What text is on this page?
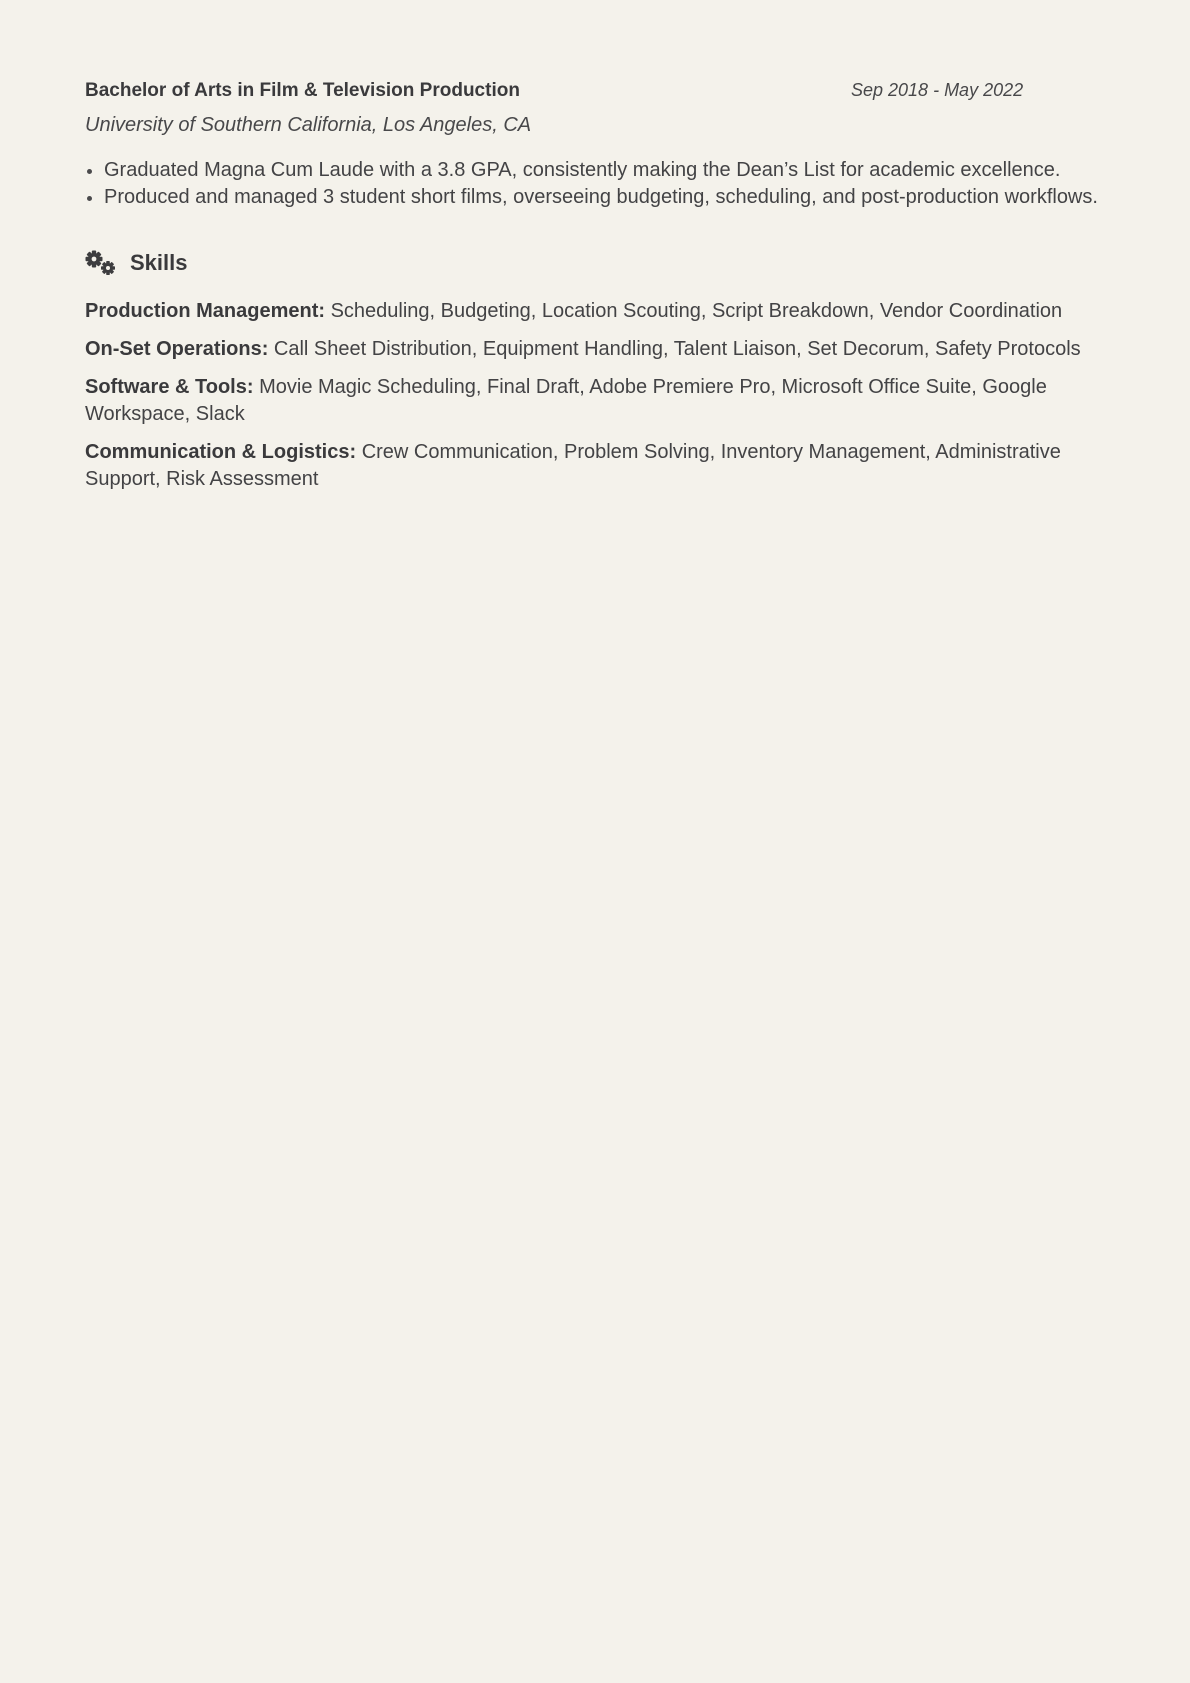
Bachelor of Arts in Film & Television Production	Sep 2018 - May 2022
University of Southern California, Los Angeles, CA
Graduated Magna Cum Laude with a 3.8 GPA, consistently making the Dean’s List for academic excellence.
Produced and managed 3 student short films, overseeing budgeting, scheduling, and post-production workflows.
Skills
Production Management: Scheduling, Budgeting, Location Scouting, Script Breakdown, Vendor Coordination
On-Set Operations: Call Sheet Distribution, Equipment Handling, Talent Liaison, Set Decorum, Safety Protocols
Software & Tools: Movie Magic Scheduling, Final Draft, Adobe Premiere Pro, Microsoft Office Suite, Google Workspace, Slack
Communication & Logistics: Crew Communication, Problem Solving, Inventory Management, Administrative Support, Risk Assessment
